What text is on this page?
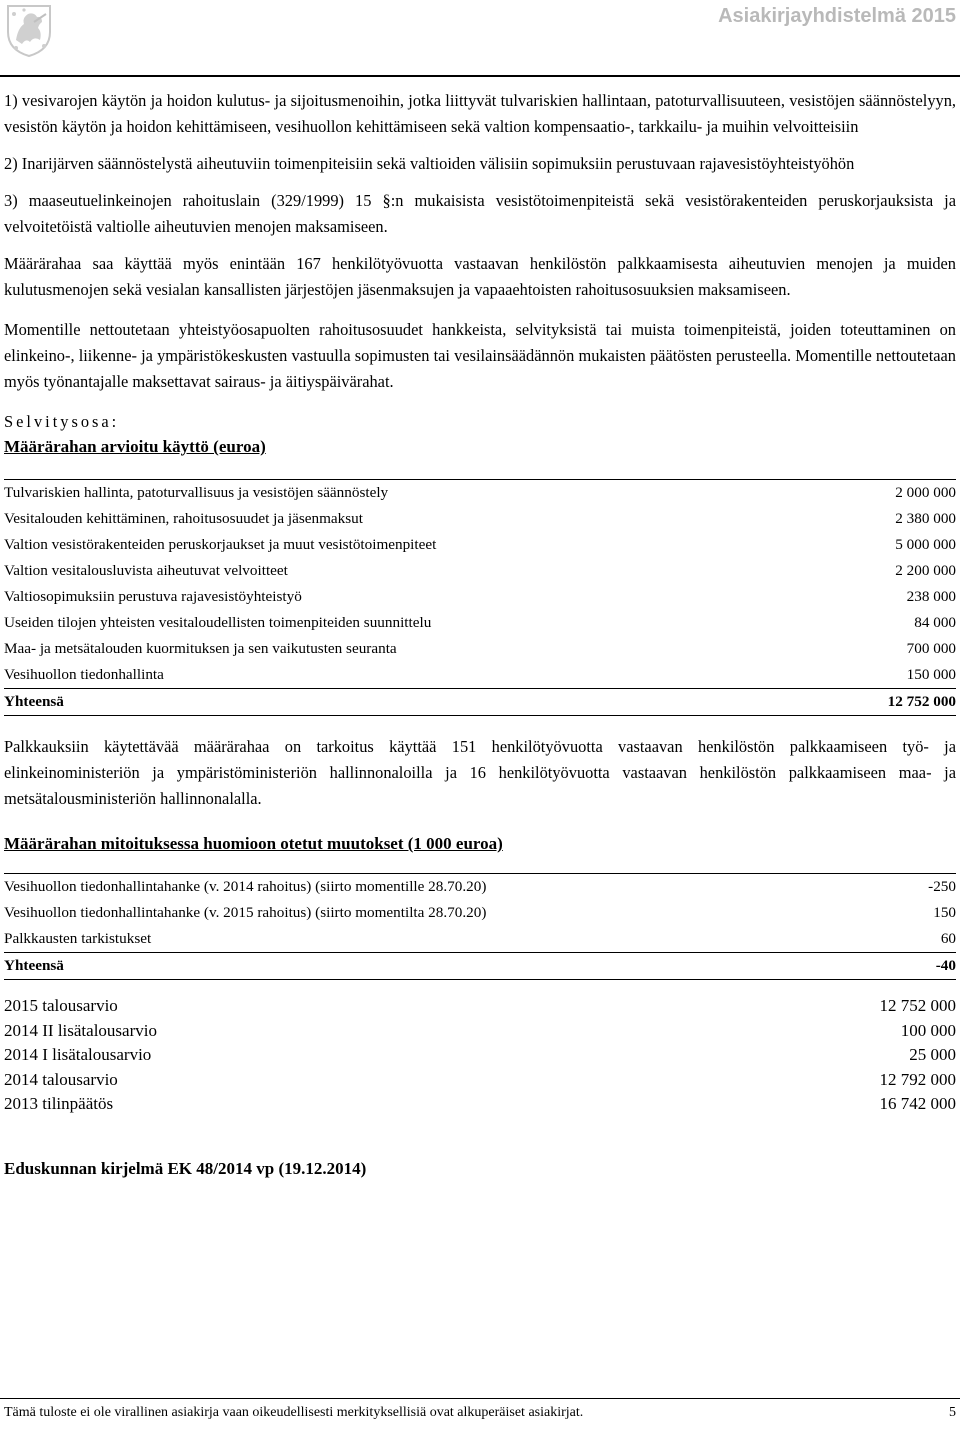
Asiakirjayhdistelmä 2015

1) vesivarojen käytön ja hoidon kulutus- ja sijoitusmenoihin, jotka liittyvät tulvariskien hallintaan, patoturvallisuuteen, vesistöjen säännöstelyyn, vesistön käytön ja hoidon kehittämiseen, vesihuollon kehittämiseen sekä valtion kompensaatio-, tarkkailu- ja muihin velvoitteisiin

2) Inarijärven säännöstelystä aiheutuviin toimenpiteisiin sekä valtioiden välisiin sopimuksiin perustuvaan rajavesistöyhteistyöhön

3) maaseutuelinkeinojen rahoituslain (329/1999) 15 §:n mukaisista vesistötoimenpiteistä sekä vesistörakenteiden peruskorjauksista ja velvoitetöistä valtiolle aiheutuvien menojen maksamiseen.

Määrärahaa saa käyttää myös enintään 167 henkilötyövuotta vastaavan henkilöstön palkkaamisesta aiheutuvien menojen ja muiden kulutusmenojen sekä vesialan kansallisten järjestöjen jäsenmaksujen ja vapaaehtoisten rahoitusosuuksien maksamiseen.

Momentille nettoutetaan yhteistyöosapuolten rahoitusosuudet hankkeista, selvityksistä tai muista toimenpiteistä, joiden toteuttaminen on elinkeino-, liikenne- ja ympäristökeskusten vastuulla sopimusten tai vesilainsäädännön mukaisten päätösten perusteella. Momentille nettoutetaan myös työnantajalle maksettavat sairaus- ja äitiyspäivärahat.

Selvitysosa:
Määrärahan arvioitu käyttö (euroa)
Tulvariskien hallinta, patoturvallisuus ja vesistöjen säännöstely	2 000 000
Vesitalouden kehittäminen, rahoitusosuudet ja jäsenmaksut	2 380 000
Valtion vesistörakenteiden peruskorjaukset ja muut vesistötoimenpiteet	5 000 000
Valtion vesitalousluvista aiheutuvat velvoitteet	2 200 000
Valtiosopimuksiin perustuva rajavesistöyhteistyö	238 000
Useiden tilojen yhteisten vesitaloudellisten toimenpiteiden suunnittelu	84 000
Maa- ja metsätalouden kuormituksen ja sen vaikutusten seuranta	700 000
Vesihuollon tiedonhallinta	150 000
Yhteensä	12 752 000

Palkkauksiin käytettävää määrärahaa on tarkoitus käyttää 151 henkilötyövuotta vastaavan henkilöstön palkkaamiseen työ- ja elinkeinoministeriön ja ympäristöministeriön hallinnonaloilla ja 16 henkilötyövuotta vastaavan henkilöstön palkkaamiseen maa- ja metsätalousministeriön hallinnonalalla.

Määrärahan mitoituksessa huomioon otetut muutokset (1 000 euroa)
Vesihuollon tiedonhallintahanke (v. 2014 rahoitus) (siirto momentille 28.70.20)	-250
Vesihuollon tiedonhallintahanke (v. 2015 rahoitus) (siirto momentilta 28.70.20)	150
Palkkausten tarkistukset	60
Yhteensä	-40
2015 talousarvio	12 752 000
2014 II lisätalousarvio	100 000
2014 I lisätalousarvio	25 000
2014 talousarvio	12 792 000
2013 tilinpäätös	16 742 000
Eduskunnan kirjelmä EK 48/2014 vp (19.12.2014)
Tämä tuloste ei ole virallinen asiakirja vaan oikeudellisesti merkityksellisiä ovat alkuperäiset asiakirjat.	5
